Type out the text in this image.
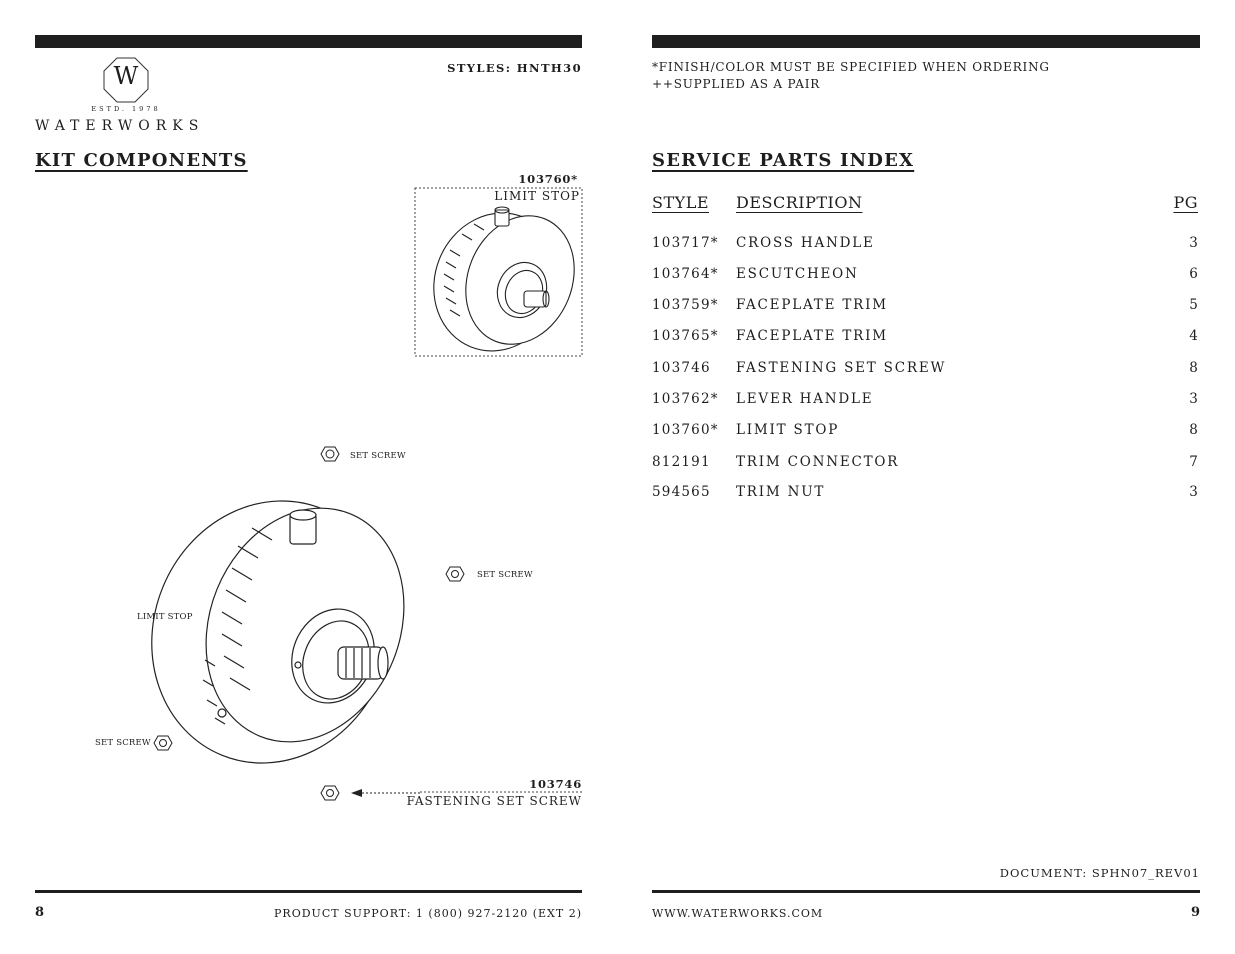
W
ESTD. 1978
WATERWORKS
STYLES: HNTH30
KIT COMPONENTS
*FINISH/COLOR MUST BE SPECIFIED WHEN ORDERING
++SUPPLIED AS A PAIR
SERVICE PARTS INDEX
103760*
LIMIT STOP
SET SCREW
SET SCREW
LIMIT STOP
SET SCREW
103746
FASTENING SET SCREW
STYLE DESCRIPTION	PG
103717* CROSS HANDLE	3
103764* ESCUTCHEON	6
103759* FACEPLATE TRIM	5
103765* FACEPLATE TRIM	4
103746 FASTENING SET SCREW	8
103762* LEVER HANDLE	3
103760* LIMIT STOP	8
812191 TRIM CONNECTOR	7
594565 TRIM NUT	3
DOCUMENT: SPHN07_REV01
8	PRODUCT SUPPORT: 1 (800) 927-2120 (EXT 2)	WWW.WATERWORKS.COM	9
